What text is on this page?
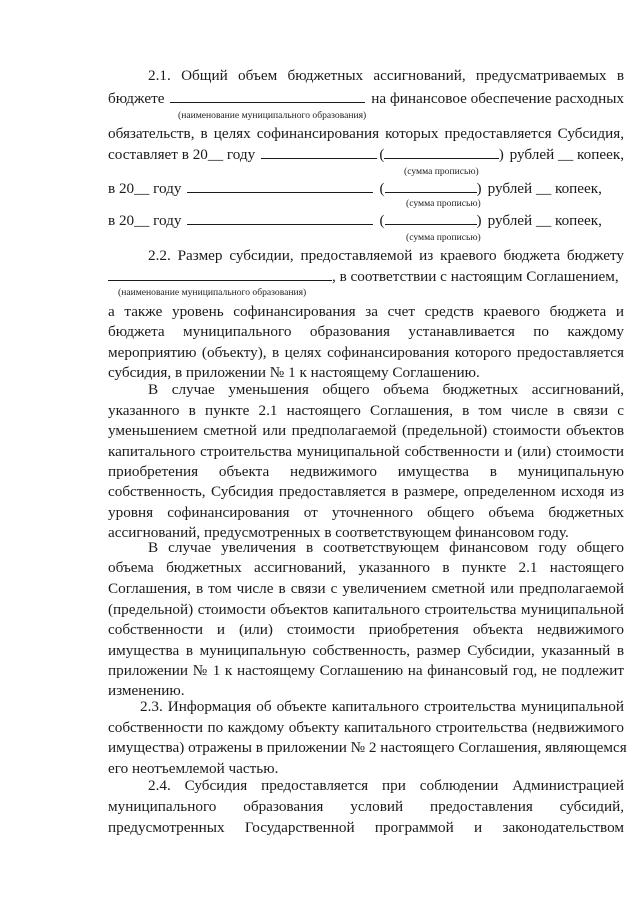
2.1. Общий объем бюджетных ассигнований, предусматриваемых в
бюджете	на финансовое обеспечение расходных
(наименование муниципального образования)
обязательств, в целях софинансирования которых предоставляется Субсидия,
составляет в 20__ году	(	) рублей __ копеек,
(сумма прописью)
в 20__ году	(	) рублей __ копеек,
(сумма прописью)
в 20__ году	(	) рублей __ копеек,
(сумма прописью)
2.2. Размер субсидии, предоставляемой из краевого бюджета бюджету
, в соответствии с настоящим Соглашением,
(наименование муниципального образования)
а также уровень софинансирования за счет средств краевого бюджета и
бюджета муниципального образования устанавливается по каждому
мероприятию (объекту), в целях софинансирования которого предоставляется
субсидия, в приложении № 1 к настоящему Соглашению.
В случае уменьшения общего объема бюджетных ассигнований,
указанного в пункте 2.1 настоящего Соглашения, в том числе в связи с
уменьшением сметной или предполагаемой (предельной) стоимости объектов
капитального строительства муниципальной собственности и (или) стоимости
приобретения объекта недвижимого имущества в муниципальную
собственность, Субсидия предоставляется в размере, определенном исходя из
уровня софинансирования от уточненного общего объема бюджетных
ассигнований, предусмотренных в соответствующем финансовом году.
В случае увеличения в соответствующем финансовом году общего
объема бюджетных ассигнований, указанного в пункте 2.1 настоящего
Соглашения, в том числе в связи с увеличением сметной или предполагаемой
(предельной) стоимости объектов капитального строительства муниципальной
собственности и (или) стоимости приобретения объекта недвижимого
имущества в муниципальную собственность, размер Субсидии, указанный в
приложении № 1 к настоящему Соглашению на финансовый год, не подлежит
изменению.
2.3. Информация об объекте капитального строительства муниципальной
собственности по каждому объекту капитального строительства (недвижимого
имущества) отражены в приложении № 2 настоящего Соглашения, являющемся
его неотъемлемой частью.
2.4. Субсидия предоставляется при соблюдении Администрацией
муниципального образования условий предоставления субсидий,
предусмотренных Государственной программой и законодательством
